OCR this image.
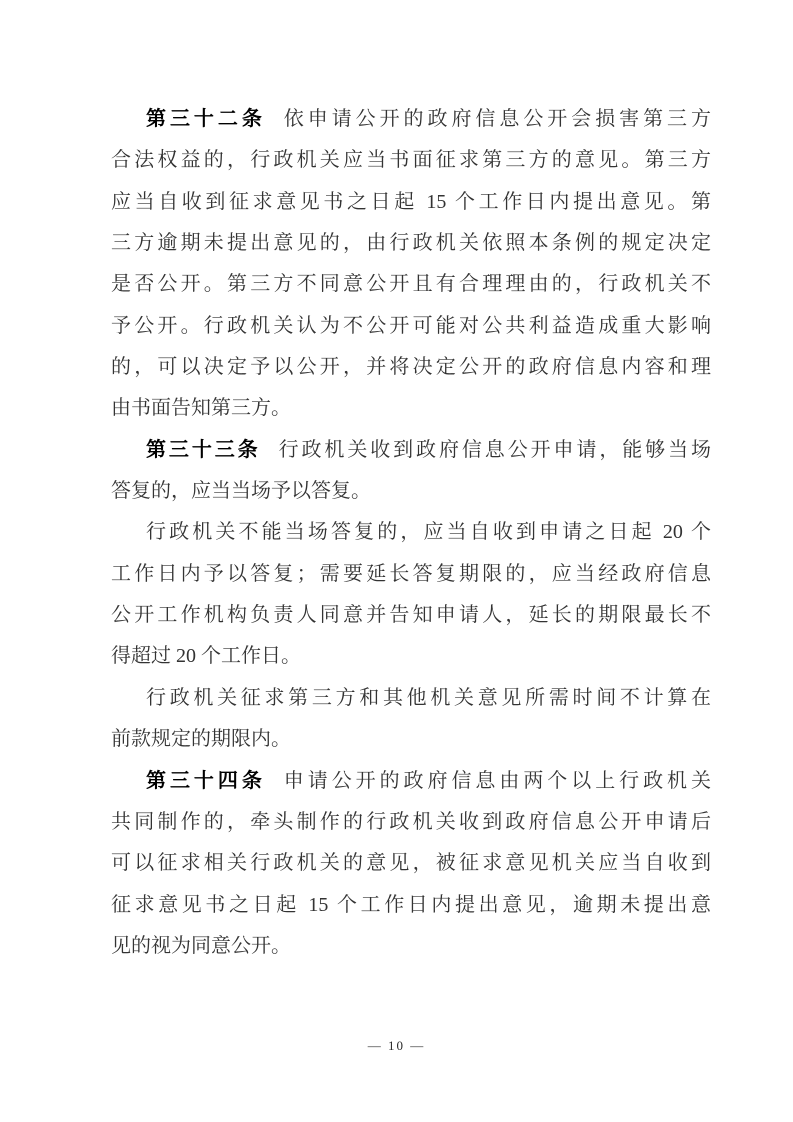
第三十二条 依申请公开的政府信息公开会损害第三方
合法权益的，行政机关应当书面征求第三方的意见。第三方
应当自收到征求意见书之日起 15 个工作日内提出意见。第
三方逾期未提出意见的，由行政机关依照本条例的规定决定
是否公开。第三方不同意公开且有合理理由的，行政机关不
予公开。行政机关认为不公开可能对公共利益造成重大影响
的，可以决定予以公开，并将决定公开的政府信息内容和理
由书面告知第三方。
第三十三条 行政机关收到政府信息公开申请，能够当场
答复的，应当当场予以答复。
行政机关不能当场答复的，应当自收到申请之日起 20 个
工作日内予以答复；需要延长答复期限的，应当经政府信息
公开工作机构负责人同意并告知申请人，延长的期限最长不
得超过 20 个工作日。
行政机关征求第三方和其他机关意见所需时间不计算在
前款规定的期限内。
第三十四条 申请公开的政府信息由两个以上行政机关
共同制作的，牵头制作的行政机关收到政府信息公开申请后
可以征求相关行政机关的意见，被征求意见机关应当自收到
征求意见书之日起 15 个工作日内提出意见，逾期未提出意
见的视为同意公开。
— 10 —
